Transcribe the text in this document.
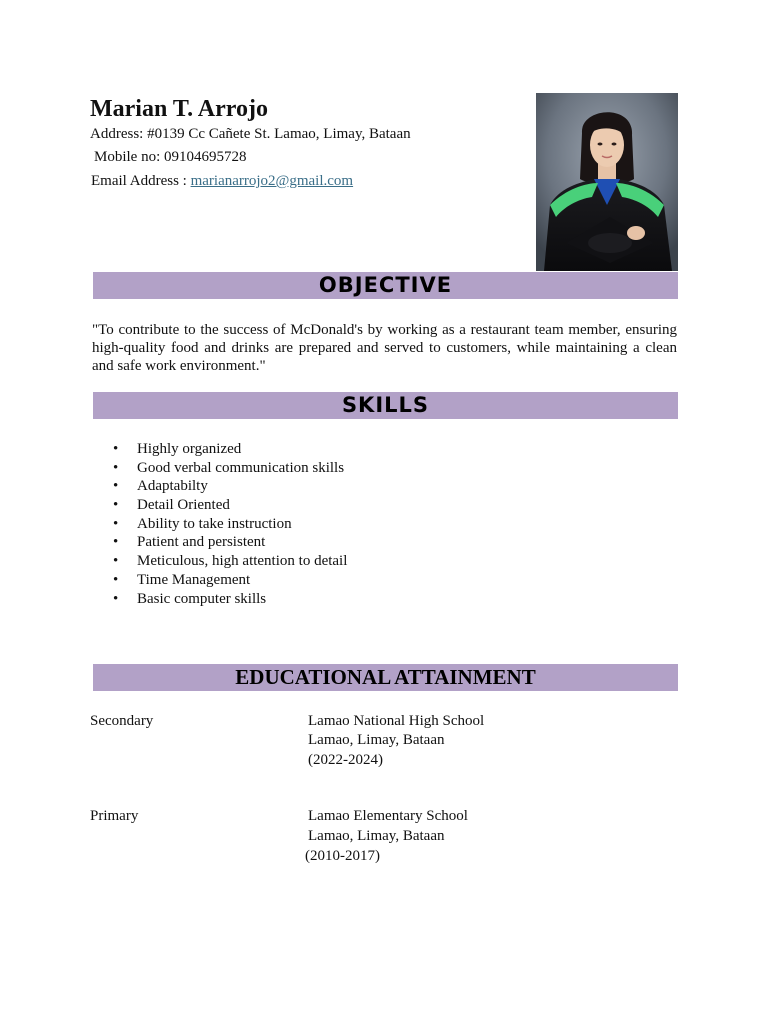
Marian T. Arrojo
Address: #0139 Cc Cañete St. Lamao, Limay, Bataan
Mobile no: 09104695728
Email Address : marianarrojo2@gmail.com
OBJECTIVE
"To contribute to the success of McDonald's by working as a restaurant team member, ensuring high-quality food and drinks are prepared and served to customers, while maintaining a clean and safe work environment."
SKILLS
• Highly organized
• Good verbal communication skills
• Adaptabilty
• Detail Oriented
• Ability to take instruction
• Patient and persistent
• Meticulous, high attention to detail
• Time Management
• Basic computer skills
EDUCATIONAL ATTAINMENT
Secondary	Lamao National High School
Lamao, Limay, Bataan
(2022-2024)
Primary	Lamao Elementary School
Lamao, Limay, Bataan
(2010-2017)
